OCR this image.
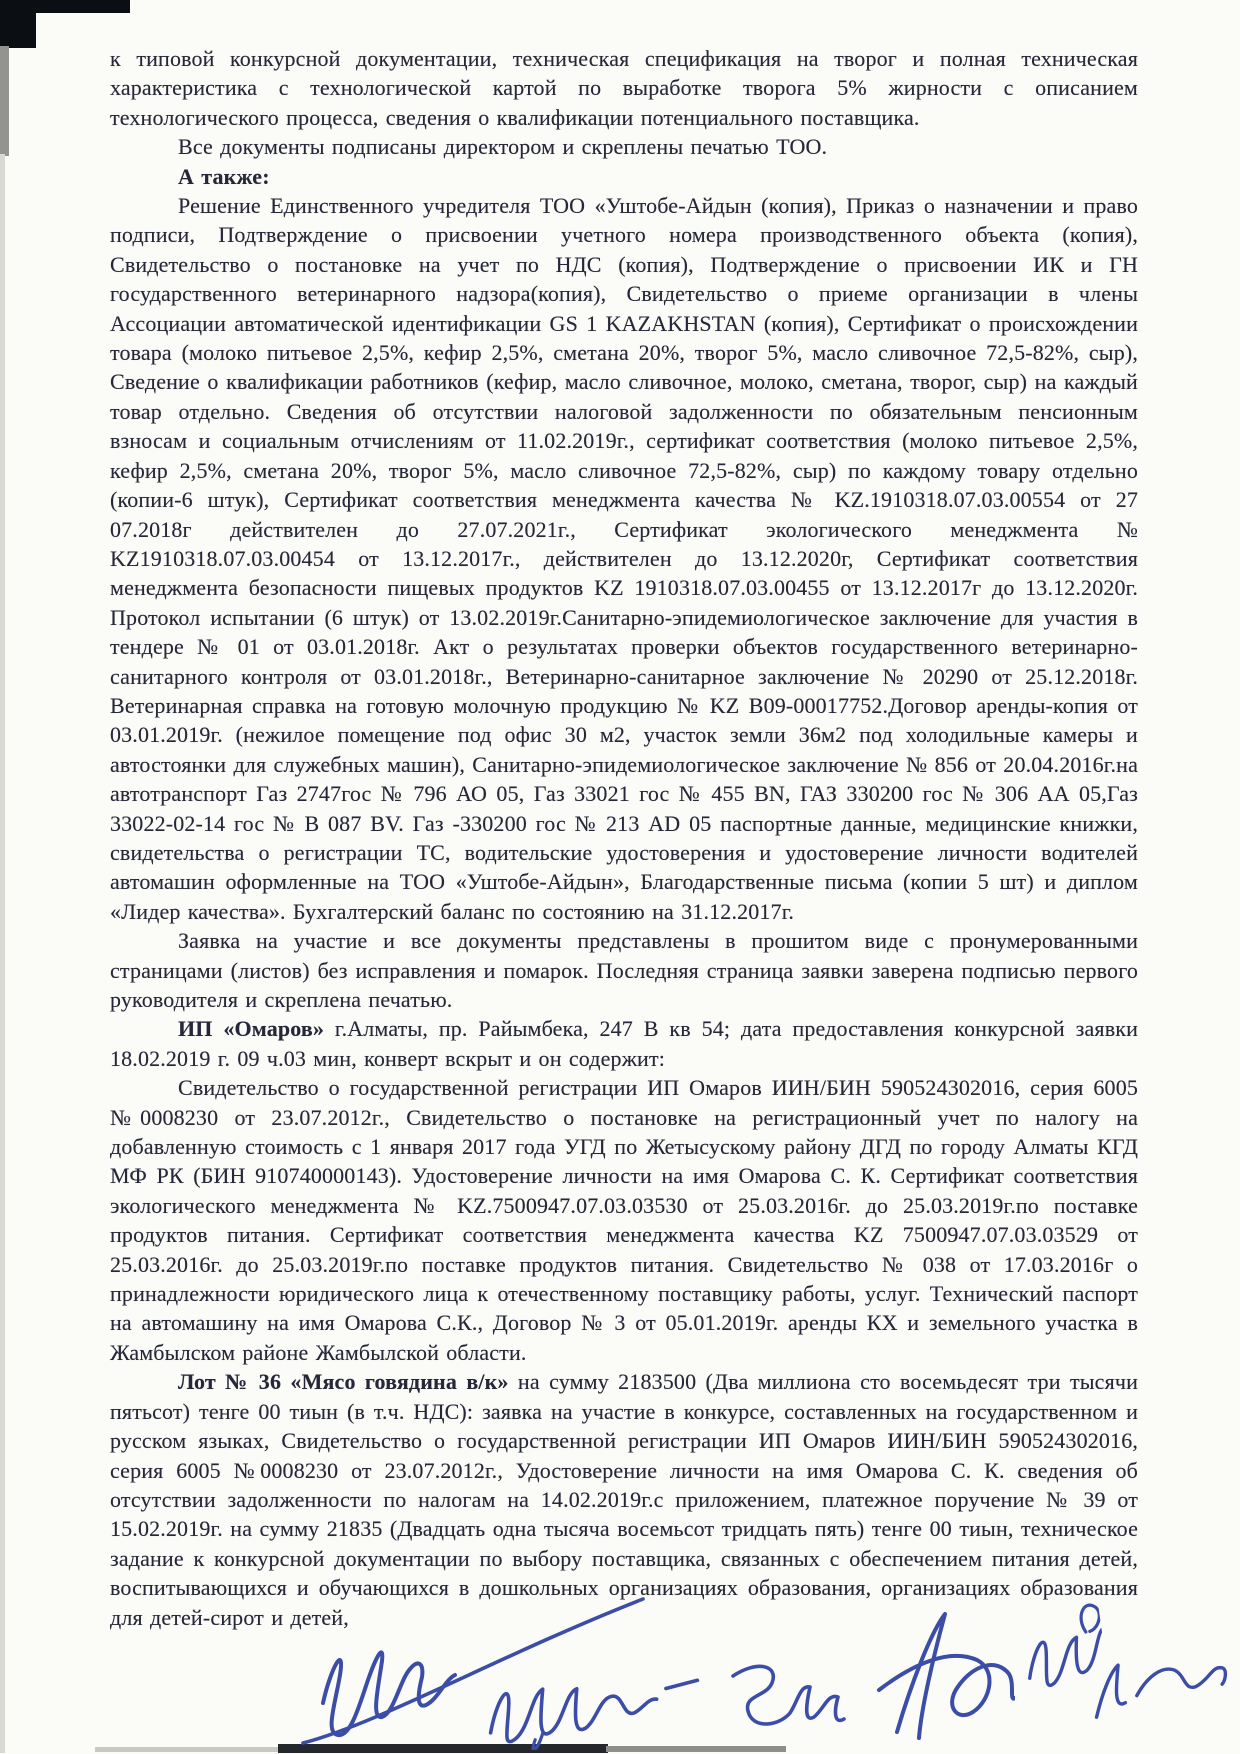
к типовой конкурсной документации, техническая спецификация на творог и полная техническая характеристика с технологической картой по выработке творога 5% жирности с описанием технологического процесса, сведения о квалификации потенциального поставщика.

Все документы подписаны директором и скреплены печатью ТОО.

А также:

Решение Единственного учредителя ТОО «Уштобе-Айдын (копия), Приказ о назначении и право подписи, Подтверждение о присвоении учетного номера производственного объекта (копия), Свидетельство о постановке на учет по НДС (копия), Подтверждение о присвоении ИК и ГН государственного ветеринарного надзора(копия), Свидетельство о приеме организации в члены Ассоциации автоматической идентификации GS 1 KAZAKHSTAN (копия), Сертификат о происхождении товара (молоко питьевое 2,5%, кефир 2,5%, сметана 20%, творог 5%, масло сливочное 72,5-82%, сыр), Сведение о квалификации работников (кефир, масло сливочное, молоко, сметана, творог, сыр) на каждый товар отдельно. Сведения об отсутствии налоговой задолженности по обязательным пенсионным взносам и социальным отчислениям от 11.02.2019г., сертификат соответствия (молоко питьевое 2,5%, кефир 2,5%, сметана 20%, творог 5%, масло сливочное 72,5-82%, сыр) по каждому товару отдельно (копии-6 штук), Сертификат соответствия менеджмента качества № KZ.1910318.07.03.00554 от 27 07.2018г действителен до 27.07.2021г., Сертификат экологического менеджмента № KZ1910318.07.03.00454 от 13.12.2017г., действителен до 13.12.2020г, Сертификат соответствия менеджмента безопасности пищевых продуктов KZ 1910318.07.03.00455 от 13.12.2017г до 13.12.2020г. Протокол испытании (6 штук) от 13.02.2019г.Санитарно-эпидемиологическое заключение для участия в тендере № 01 от 03.01.2018г. Акт о результатах проверки объектов государственного ветеринарно-санитарного контроля от 03.01.2018г., Ветеринарно-санитарное заключение № 20290 от 25.12.2018г. Ветеринарная справка на готовую молочную продукцию № KZ B09-00017752.Договор аренды-копия от 03.01.2019г. (нежилое помещение под офис 30 м2, участок земли 36м2 под холодильные камеры и автостоянки для служебных машин), Санитарно-эпидемиологическое заключение № 856 от 20.04.2016г.на автотранспорт Газ 2747гос № 796 АО 05, Газ 33021 гос № 455 BN, ГАЗ 330200 гос № 306 АА 05,Газ 33022-02-14 гос № В 087 BV. Газ -330200 гос № 213 AD 05 паспортные данные, медицинские книжки, свидетельства о регистрации ТС, водительские удостоверения и удостоверение личности водителей автомашин оформленные на ТОО «Уштобе-Айдын», Благодарственные письма (копии 5 шт) и диплом «Лидер качества». Бухгалтерский баланс по состоянию на 31.12.2017г.

Заявка на участие и все документы представлены в прошитом виде с пронумерованными страницами (листов) без исправления и помарок. Последняя страница заявки заверена подписью первого руководителя и скреплена печатью.

ИП «Омаров» г.Алматы, пр. Райымбека, 247 В кв 54; дата предоставления конкурсной заявки 18.02.2019 г. 09 ч.03 мин, конверт вскрыт и он содержит:

Свидетельство о государственной регистрации ИП Омаров ИИН/БИН 590524302016, серия 6005 №0008230 от 23.07.2012г., Свидетельство о постановке на регистрационный учет по налогу на добавленную стоимость с 1 января 2017 года УГД по Жетысускому району ДГД по городу Алматы КГД МФ РК (БИН 910740000143). Удостоверение личности на имя Омарова С. К. Сертификат соответствия экологического менеджмента № KZ.7500947.07.03.03530 от 25.03.2016г. до 25.03.2019г.по поставке продуктов питания. Сертификат соответствия менеджмента качества KZ 7500947.07.03.03529 от 25.03.2016г. до 25.03.2019г.по поставке продуктов питания. Свидетельство № 038 от 17.03.2016г о принадлежности юридического лица к отечественному поставщику работы, услуг. Технический паспорт на автомашину на имя Омарова С.К., Договор № 3 от 05.01.2019г. аренды КХ и земельного участка в Жамбылском районе Жамбылской области.

Лот № 36 «Мясо говядина в/к» на сумму 2183500 (Два миллиона сто восемьдесят три тысячи пятьсот) тенге 00 тиын (в т.ч. НДС): заявка на участие в конкурсе, составленных на государственном и русском языках, Свидетельство о государственной регистрации ИП Омаров ИИН/БИН 590524302016, серия 6005 №0008230 от 23.07.2012г., Удостоверение личности на имя Омарова С. К. сведения об отсутствии задолженности по налогам на 14.02.2019г.с приложением, платежное поручение № 39 от 15.02.2019г. на сумму 21835 (Двадцать одна тысяча восемьсот тридцать пять) тенге 00 тиын, техническое задание к конкурсной документации по выбору поставщика, связанных с обеспечением питания детей, воспитывающихся и обучающихся в дошкольных организациях образования, организациях образования для детей-сирот и детей,
